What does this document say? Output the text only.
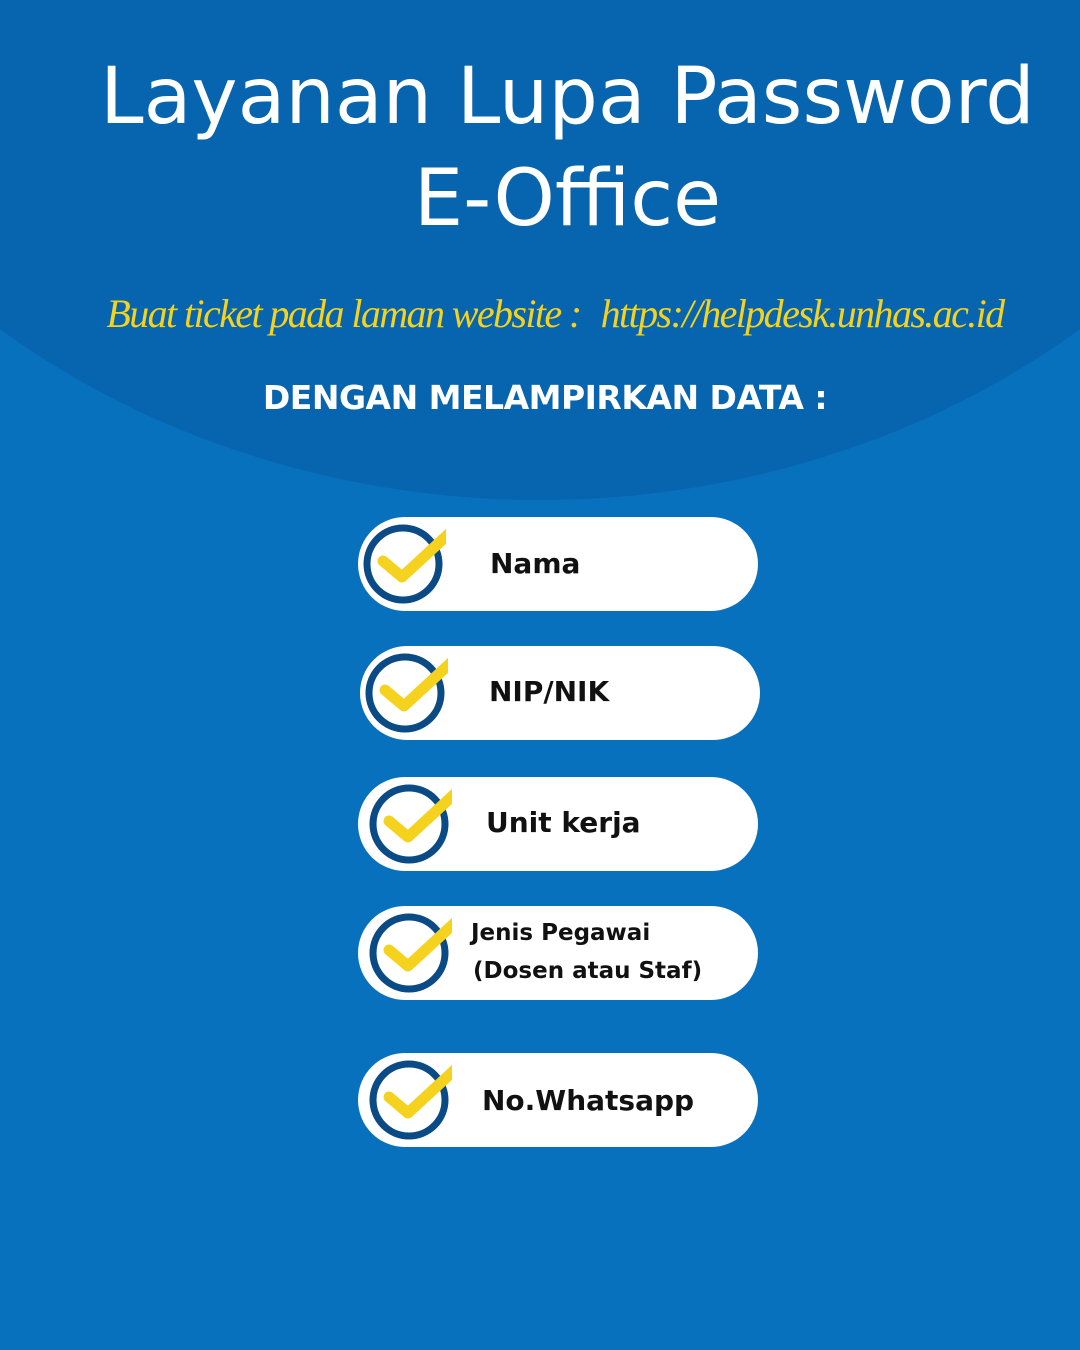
Layanan Lupa Password
E-Office
Buat ticket pada laman website : https://helpdesk.unhas.ac.id
DENGAN MELAMPIRKAN DATA :
Nama
NIP/NIK
Unit kerja
Jenis Pegawai
(Dosen atau Staf)
No.Whatsapp
